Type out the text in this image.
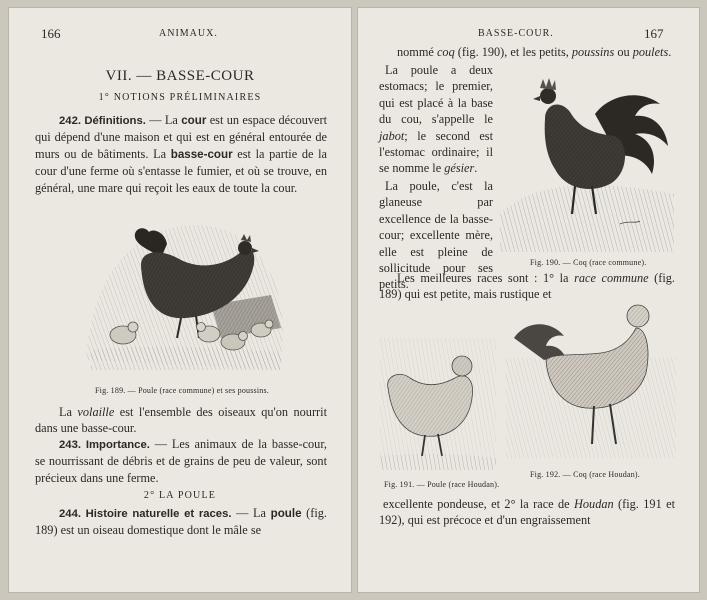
166	ANIMAUX.
VII. — BASSE-COUR
1° NOTIONS PRÉLIMINAIRES
242. Définitions. — La cour est un espace découvert qui dépend d'une maison et qui est en général entourée de murs ou de bâtiments. La basse-cour est la partie de la cour d'une ferme où s'entasse le fumier, et où se trouve, en général, une mare qui reçoit les eaux de toute la cour.
Fig. 189. — Poule (race commune) et ses poussins.
La volaille est l'ensemble des oiseaux qu'on nourrit dans une basse-cour.
243. Importance. — Les animaux de la basse-cour, se nourrissant de débris et de grains de peu de valeur, sont précieux dans une ferme.
2° LA POULE
244. Histoire naturelle et races. — La poule (fig. 189) est un oiseau domestique dont le mâle se
BASSE-COUR.	167
nommé coq (fig. 190), et les petits, poussins ou poulets.
La poule a deux estomacs; le premier, qui est placé à la base du cou, s'appelle le jabot; le second est l'estomac ordinaire; il se nomme le gésier.
La poule, c'est la glaneuse par excellence de la basse-cour; excellente mère, elle est pleine de sollicitude pour ses petits.
Les meilleures races sont : 1° la race commune (fig. 189) qui est petite, mais rustique et
Fig. 190. — Coq (race commune).
Fig. 191. — Poule (race Houdan).
Fig. 192. — Coq (race Houdan).
excellente pondeuse, et 2° la race de Houdan (fig. 191 et 192), qui est précoce et d'un engraissement
